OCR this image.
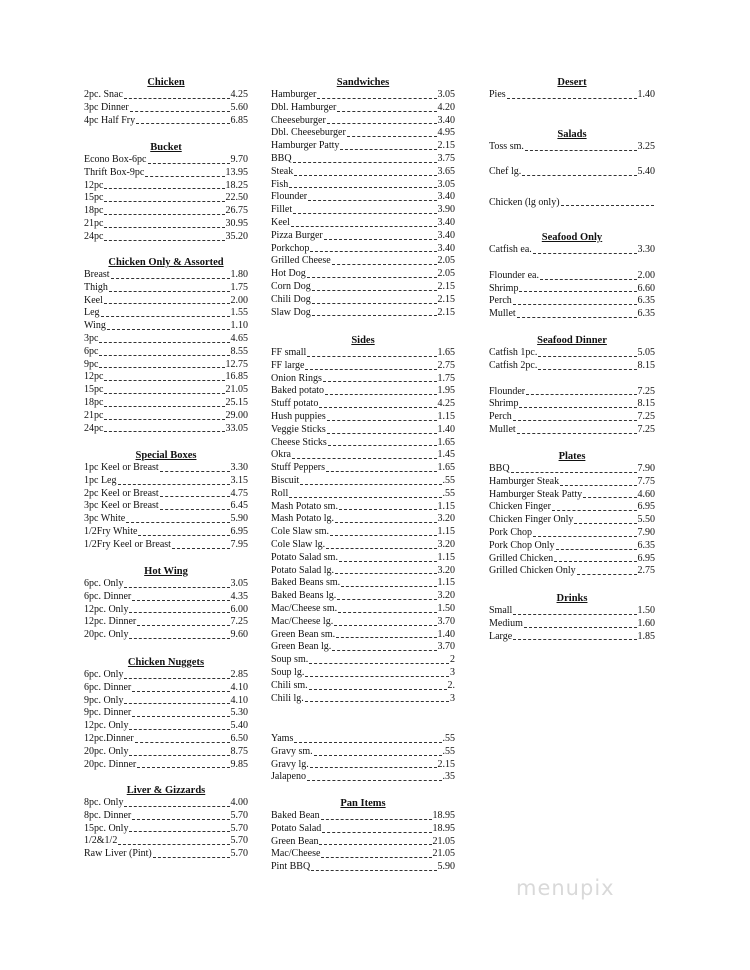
Chicken
2pc. Snac	4.25
3pc Dinner	5.60
4pc Half Fry	6.85
Bucket
Econo Box-6pc	9.70
Thrift Box-9pc	13.95
12pc	18.25
15pc	22.50
18pc	26.75
21pc	30.95
24pc	35.20
Chicken Only & Assorted
Breast	1.80
Thigh	1.75
Keel	2.00
Leg	1.55
Wing	1.10
3pc	4.65
6pc	8.55
9pc	12.75
12pc	16.85
15pc	21.05
18pc	25.15
21pc	29.00
24pc	33.05
Special Boxes
1pc Keel or Breast	3.30
1pc Leg	3.15
2pc Keel or Breast	4.75
3pc Keel or Breast	6.45
3pc White	5.90
1/2Fry White	6.95
1/2Fry Keel or Breast	7.95
Hot Wing
6pc. Only	3.05
6pc. Dinner	4.35
12pc. Only	6.00
12pc. Dinner	7.25
20pc. Only	9.60
Chicken Nuggets
6pc. Only	2.85
6pc. Dinner	4.10
9pc. Only	4.10
9pc. Dinner	5.30
12pc. Only	5.40
12pc.Dinner	6.50
20pc. Only	8.75
20pc. Dinner	9.85
Liver & Gizzards
8pc. Only	4.00
8pc. Dinner	5.70
15pc. Only	5.70
1/2&1/2	5.70
Raw Liver (Pint)	5.70
Sandwiches
Hamburger	3.05
Dbl. Hamburger	4.20
Cheeseburger	3.40
Dbl. Cheeseburger	4.95
Hamburger Patty	2.15
BBQ	3.75
Steak	3.65
Fish	3.05
Flounder	3.40
Fillet	3.90
Keel	3.40
Pizza Burger	3.40
Porkchop	3.40
Grilled Cheese	2.05
Hot Dog	2.05
Corn Dog	2.15
Chili Dog	2.15
Slaw Dog	2.15
Sides
FF small	1.65
FF large	2.75
Onion Rings	1.75
Baked potato	1.95
Stuff potato	4.25
Hush puppies	1.15
Veggie Sticks	1.40
Cheese Sticks	1.65
Okra	1.45
Stuff Peppers	1.65
Biscuit	.55
Roll	.55
Mash Potato sm.	1.15
Mash Potato lg.	3.20
Cole Slaw sm.	1.15
Cole Slaw lg.	3.20
Potato Salad sm.	1.15
Potato Salad lg.	3.20
Baked Beans sm.	1.15
Baked Beans lg.	3.20
Mac/Cheese sm.	1.50
Mac/Cheese lg.	3.70
Green Bean sm.	1.40
Green Bean lg.	3.70
Soup sm.	2
Soup lg.	3
Chili sm.	2.
Chili lg.	3
Yams	.55
Gravy sm.	.55
Gravy lg.	2.15
Jalapeno	.35
Pan Items
Baked Bean	18.95
Potato Salad	18.95
Green Bean	21.05
Mac/Cheese	21.05
Pint BBQ	5.90
Desert
Pies	1.40
Salads
Toss sm.	3.25
Chef lg.	5.40
Chicken (lg only)
Seafood Only
Catfish ea.	3.30
Flounder ea.	2.00
Shrimp	6.60
Perch	6.35
Mullet	6.35
Seafood Dinner
Catfish 1pc.	5.05
Catfish 2pc.	8.15
Flounder	7.25
Shrimp	8.15
Perch	7.25
Mullet	7.25
Plates
BBQ	7.90
Hamburger Steak	7.75
Hamburger Steak Patty	4.60
Chicken Finger	6.95
Chicken Finger Only	5.50
Pork Chop	7.90
Pork Chop Only	6.35
Grilled Chicken	6.95
Grilled Chicken Only	2.75
Drinks
Small	1.50
Medium	1.60
Large	1.85
menupix
